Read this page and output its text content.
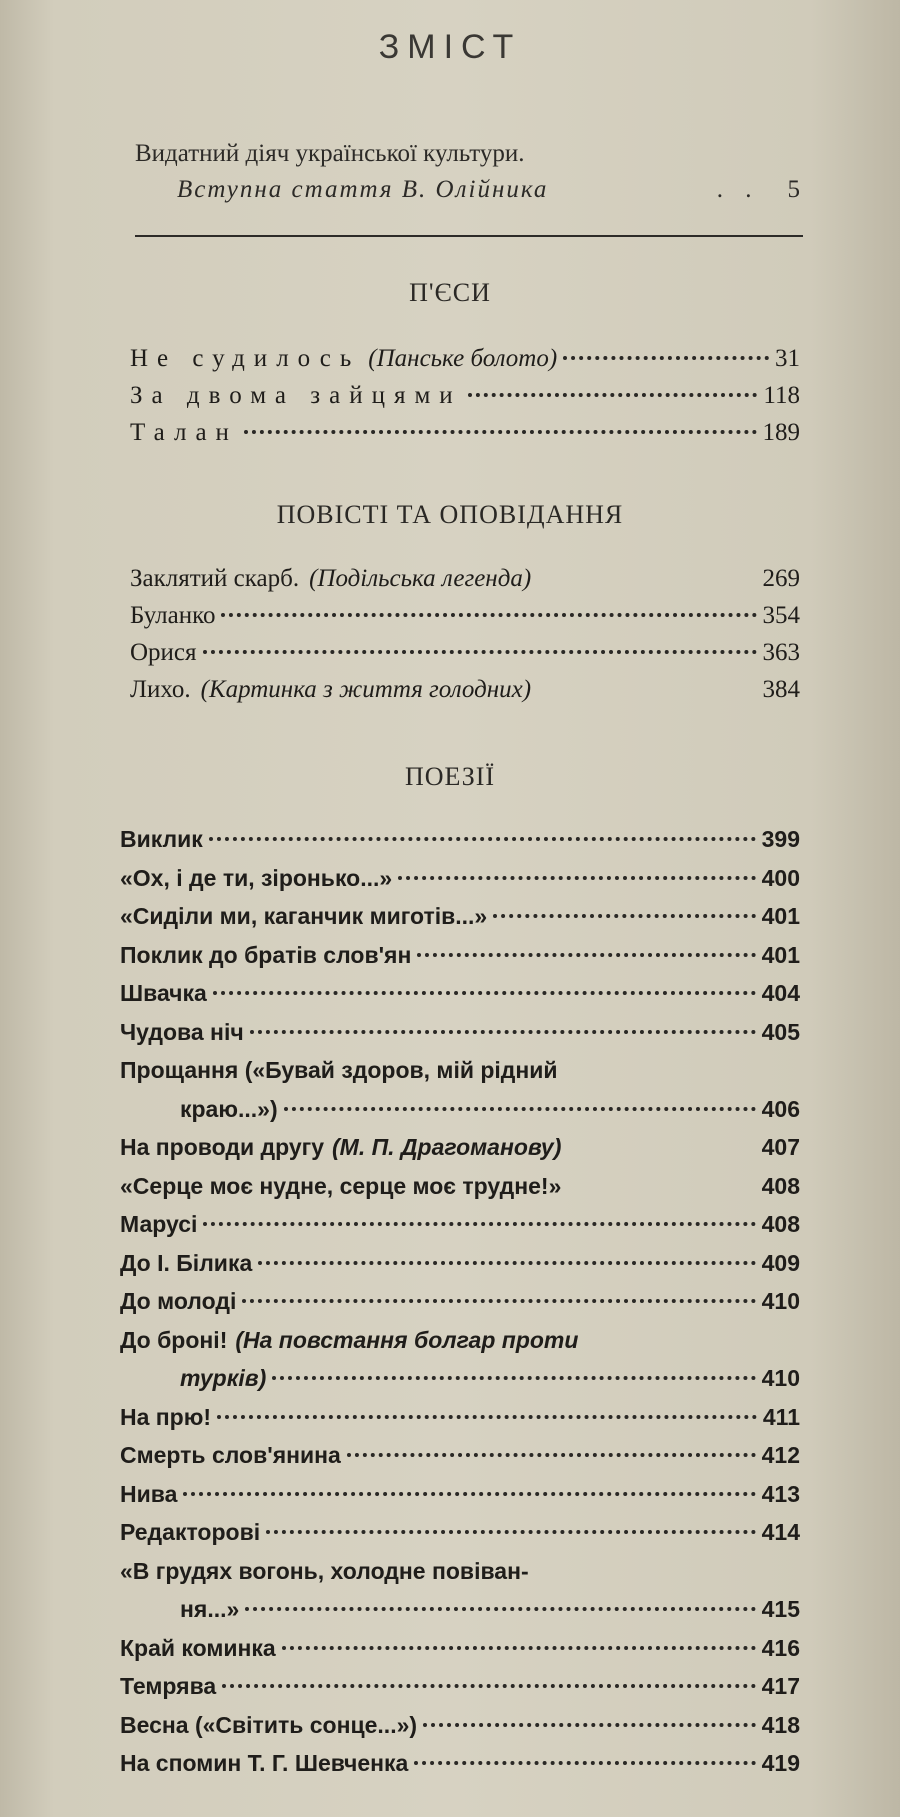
ЗМІСТ
Видатний діяч української культури.
Вступна стаття В. Олійника	. .	5
П'ЄСИ
Не судилось (Панське болото)	31
За двома зайцями	118
Талан	189
ПОВІСТІ ТА ОПОВІДАННЯ
Заклятий скарб. (Подільська легенда)	269
Буланко	354
Орися	363
Лихо. (Картинка з життя голодних)	384
ПОЕЗІЇ
Виклик	399
«Ох, і де ти, зіронько...»	400
«Сиділи ми, каганчик миготів...»	401
Поклик до братів слов'ян	401
Швачка	404
Чудова ніч	405
Прощання («Бувай здоров, мій рідний
краю...»)	406
На проводи другу (М. П. Драгоманову)	407
«Серце моє нудне, серце моє трудне!»	408
Марусі	408
До І. Білика	409
До молоді	410
До броні! (На повстання болгар проти
турків)	410
На прю!	411
Смерть слов'янина	412
Нива	413
Редакторові	414
«В грудях вогонь, холодне повіван-
ня...»	415
Край коминка	416
Темрява	417
Весна («Світить сонце...»)	418
На спомин Т. Г. Шевченка	419
